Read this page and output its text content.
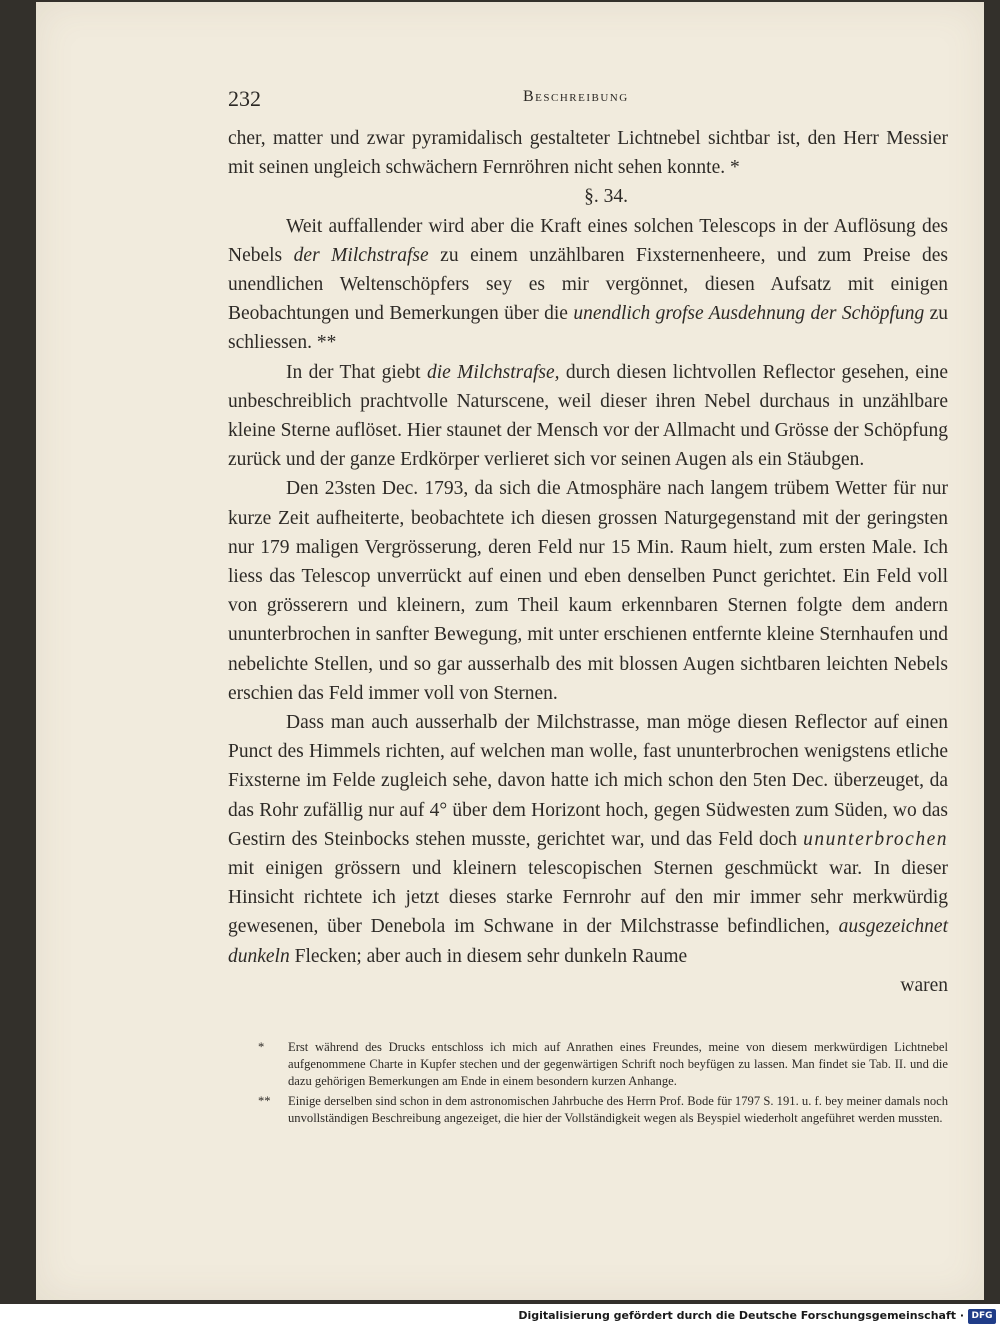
232	Beschreibung

cher, matter und zwar pyramidalisch gestalteter Lichtnebel sichtbar ist, den Herr Messier mit seinen ungleich schwächern Fernröhren nicht sehen konnte. *

§. 34.

Weit auffallender wird aber die Kraft eines solchen Telescops in der Auflösung des Nebels der Milchstrafse zu einem unzählbaren Fixsternenheere, und zum Preise des unendlichen Weltenschöpfers sey es mir vergönnet, diesen Aufsatz mit einigen Beobachtungen und Bemerkungen über die unendlich grofse Ausdehnung der Schöpfung zu schliessen. **

In der That giebt die Milchstrafse, durch diesen lichtvollen Reflector gesehen, eine unbeschreiblich prachtvolle Naturscene, weil dieser ihren Nebel durchaus in unzählbare kleine Sterne auflöset. Hier staunet der Mensch vor der Allmacht und Grösse der Schöpfung zurück und der ganze Erdkörper verlieret sich vor seinen Augen als ein Stäubgen.

Den 23sten Dec. 1793, da sich die Atmosphäre nach langem trübem Wetter für nur kurze Zeit aufheiterte, beobachtete ich diesen grossen Naturgegenstand mit der geringsten nur 179 maligen Vergrösserung, deren Feld nur 15 Min. Raum hielt, zum ersten Male. Ich liess das Telescop unverrückt auf einen und eben denselben Punct gerichtet. Ein Feld voll von grösserern und kleinern, zum Theil kaum erkennbaren Sternen folgte dem andern ununterbrochen in sanfter Bewegung, mit unter erschienen entfernte kleine Sternhaufen und nebelichte Stellen, und so gar ausserhalb des mit blossen Augen sichtbaren leichten Nebels erschien das Feld immer voll von Sternen.

Dass man auch ausserhalb der Milchstrasse, man möge diesen Reflector auf einen Punct des Himmels richten, auf welchen man wolle, fast ununterbrochen wenigstens etliche Fixsterne im Felde zugleich sehe, davon hatte ich mich schon den 5ten Dec. überzeuget, da das Rohr zufällig nur auf 4° über dem Horizont hoch, gegen Südwesten zum Süden, wo das Gestirn des Steinbocks stehen musste, gerichtet war, und das Feld doch ununterbrochen mit einigen grössern und kleinern telescopischen Sternen geschmückt war. In dieser Hinsicht richtete ich jetzt dieses starke Fernrohr auf den mir immer sehr merkwürdig gewesenen, über Denebola im Schwane in der Milchstrasse befindlichen, ausgezeichnet dunkeln Flecken; aber auch in diesem sehr dunkeln Raume

waren

*	Erst während des Drucks entschloss ich mich auf Anrathen eines Freundes, meine von diesem merkwürdigen Lichtnebel aufgenommene Charte in Kupfer stechen und der gegenwärtigen Schrift noch beyfügen zu lassen. Man findet sie Tab. II. und die dazu gehörigen Bemerkungen am Ende in einem besondern kurzen Anhange.
**	Einige derselben sind schon in dem astronomischen Jahrbuche des Herrn Prof. Bode für 1797 S. 191. u. f. bey meiner damals noch unvollständigen Beschreibung angezeiget, die hier der Vollständigkeit wegen als Beyspiel wiederholt angeführet werden mussten.
Digitalisierung gefördert durch die Deutsche Forschungsgemeinschaft · DFG
